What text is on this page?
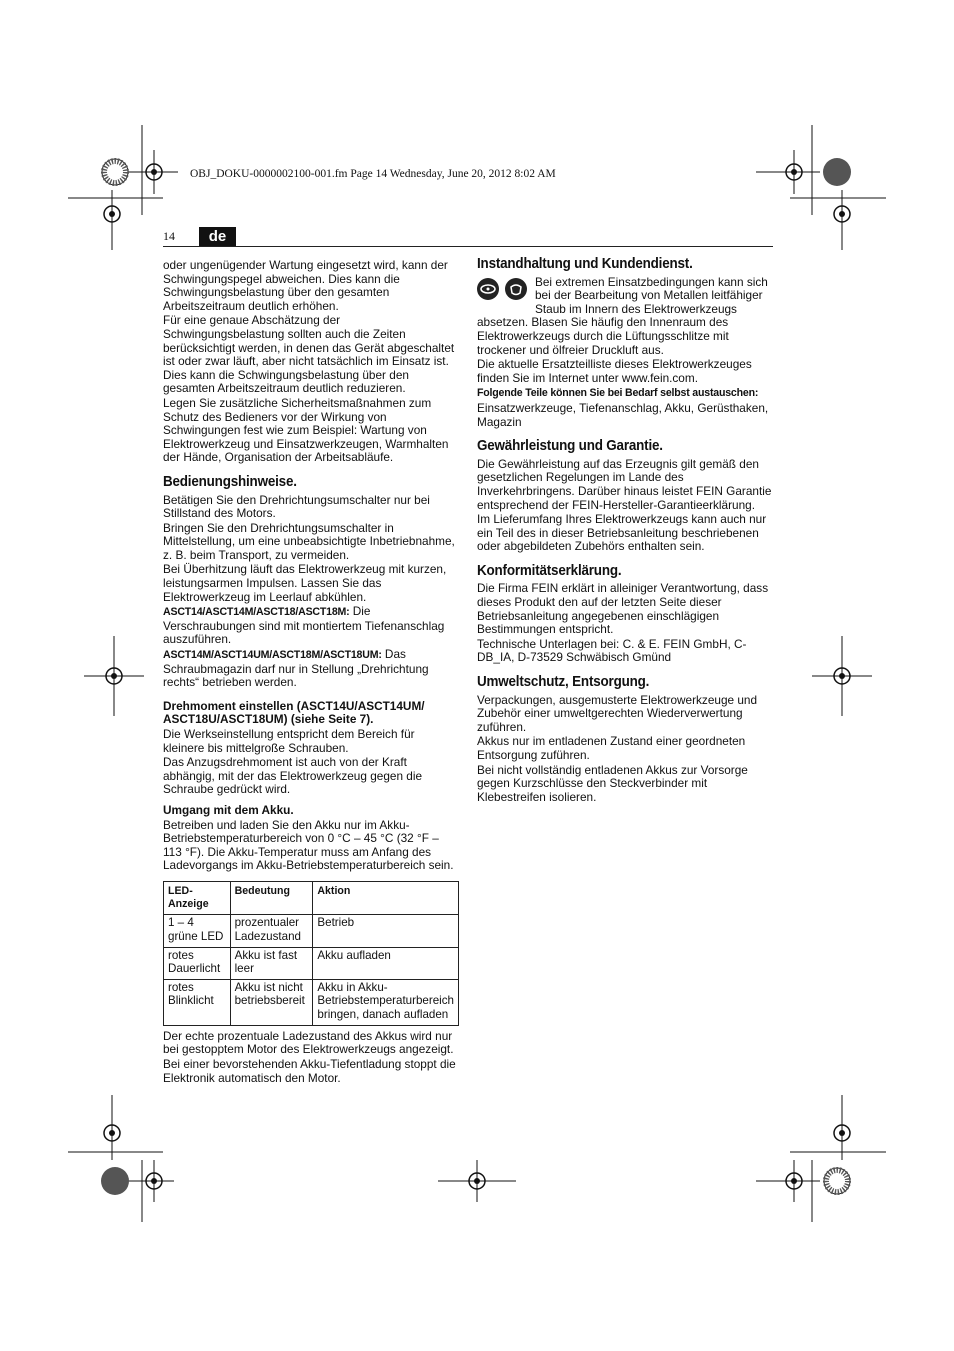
OBJ_DOKU-0000002100-001.fm Page 14 Wednesday, June 20, 2012 8:02 AM
14	de

oder ungenügender Wartung eingesetzt wird, kann der Schwingungspegel abweichen. Dies kann die Schwingungsbelastung über den gesamten Arbeitszeitraum deutlich erhöhen.

Für eine genaue Abschätzung der Schwingungsbelastung sollten auch die Zeiten berücksichtigt werden, in denen das Gerät abgeschaltet ist oder zwar läuft, aber nicht tatsächlich im Einsatz ist. Dies kann die Schwingungsbelastung über den gesamten Arbeitszeitraum deutlich reduzieren.

Legen Sie zusätzliche Sicherheitsmaßnahmen zum Schutz des Bedieners vor der Wirkung von Schwingungen fest wie zum Beispiel: Wartung von Elektrowerkzeug und Einsatzwerkzeugen, Warmhalten der Hände, Organisation der Arbeitsabläufe.

Bedienungshinweise.

Betätigen Sie den Drehrichtungsumschalter nur bei Stillstand des Motors.

Bringen Sie den Drehrichtungsumschalter in Mittelstellung, um eine unbeabsichtigte Inbetriebnahme, z. B. beim Transport, zu vermeiden.

Bei Überhitzung läuft das Elektrowerkzeug mit kurzen, leistungsarmen Impulsen. Lassen Sie das Elektrowerkzeug im Leerlauf abkühlen.

ASCT14/ASCT14M/ASCT18/ASCT18M: Die Verschraubungen sind mit montiertem Tiefenanschlag auszuführen.

ASCT14M/ASCT14UM/ASCT18M/ASCT18UM: Das Schraubmagazin darf nur in Stellung „Drehrichtung rechts“ betrieben werden.

Drehmoment einstellen (ASCT14U/ASCT14UM/ ASCT18U/ASCT18UM) (siehe Seite 7).

Die Werkseinstellung entspricht dem Bereich für kleinere bis mittelgroße Schrauben.

Das Anzugsdrehmoment ist auch von der Kraft abhängig, mit der das Elektrowerkzeug gegen die Schraube gedrückt wird.

Umgang mit dem Akku.

Betreiben und laden Sie den Akku nur im Akku-Betriebstemperaturbereich von 0 °C – 45 °C (32 °F – 113 °F). Die Akku-Temperatur muss am Anfang des Ladevorgangs im Akku-Betriebstemperaturbereich sein.

LED-Anzeige	Bedeutung	Aktion
1 – 4 grüne LED	prozentualer Ladezustand	Betrieb
rotes Dauerlicht	Akku ist fast leer	Akku aufladen
rotes Blinklicht	Akku ist nicht betriebsbereit	Akku in Akku-Betriebstemperaturbereich bringen, danach aufladen

Der echte prozentuale Ladezustand des Akkus wird nur bei gestopptem Motor des Elektrowerkzeugs angezeigt.

Bei einer bevorstehenden Akku-Tiefentladung stoppt die Elektronik automatisch den Motor.

Instandhaltung und Kundendienst.

Bei extremen Einsatzbedingungen kann sich bei der Bearbeitung von Metallen leitfähiger Staub im Innern des Elektrowerkzeugs absetzen. Blasen Sie häufig den Innenraum des Elektrowerkzeugs durch die Lüftungsschlitze mit trockener und ölfreier Druckluft aus.

Die aktuelle Ersatzteilliste dieses Elektrowerkzeuges finden Sie im Internet unter www.fein.com.

Folgende Teile können Sie bei Bedarf selbst austauschen:

Einsatzwerkzeuge, Tiefenanschlag, Akku, Gerüsthaken, Magazin

Gewährleistung und Garantie.

Die Gewährleistung auf das Erzeugnis gilt gemäß den gesetzlichen Regelungen im Lande des Inverkehrbringens. Darüber hinaus leistet FEIN Garantie entsprechend der FEIN-Hersteller-Garantieerklärung.

Im Lieferumfang Ihres Elektrowerkzeugs kann auch nur ein Teil des in dieser Betriebsanleitung beschriebenen oder abgebildeten Zubehörs enthalten sein.

Konformitätserklärung.

Die Firma FEIN erklärt in alleiniger Verantwortung, dass dieses Produkt den auf der letzten Seite dieser Betriebsanleitung angegebenen einschlägigen Bestimmungen entspricht.

Technische Unterlagen bei: C. & E. FEIN GmbH, C-DB_IA, D-73529 Schwäbisch Gmünd

Umweltschutz, Entsorgung.

Verpackungen, ausgemusterte Elektrowerkzeuge und Zubehör einer umweltgerechten Wiederverwertung zuführen.

Akkus nur im entladenen Zustand einer geordneten Entsorgung zuführen.

Bei nicht vollständig entladenen Akkus zur Vorsorge gegen Kurzschlüsse den Steckverbinder mit Klebestreifen isolieren.
